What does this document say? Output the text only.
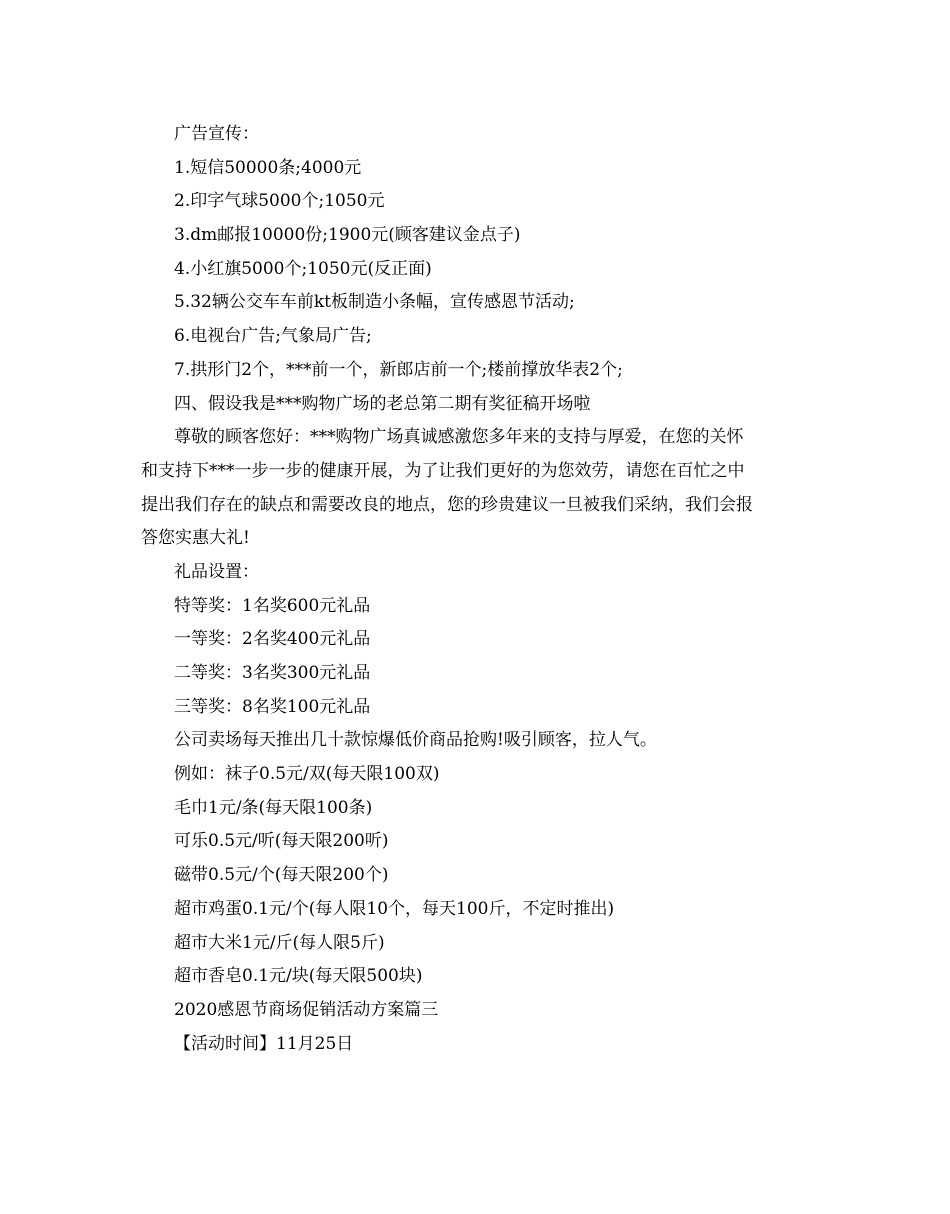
广告宣传：
1.短信50000条;4000元
2.印字气球5000个;1050元
3.dm邮报10000份;1900元(顾客建议金点子)
4.小红旗5000个;1050元(反正面)
5.32辆公交车车前kt板制造小条幅，宣传感恩节活动;
6.电视台广告;气象局广告;
7.拱形门2个，***前一个，新郎店前一个;楼前撑放华表2个;
四、假设我是***购物广场的老总第二期有奖征稿开场啦
尊敬的顾客您好：***购物广场真诚感激您多年来的支持与厚爱，在您的关怀
和支持下***一步一步的健康开展，为了让我们更好的为您效劳，请您在百忙之中
提出我们存在的缺点和需要改良的地点，您的珍贵建议一旦被我们采纳，我们会报
答您实惠大礼!
礼品设置：
特等奖：1名奖600元礼品
一等奖：2名奖400元礼品
二等奖：3名奖300元礼品
三等奖：8名奖100元礼品
公司卖场每天推出几十款惊爆低价商品抢购!吸引顾客，拉人气。
例如：袜子0.5元/双(每天限100双)
毛巾1元/条(每天限100条)
可乐0.5元/听(每天限200听)
磁带0.5元/个(每天限200个)
超市鸡蛋0.1元/个(每人限10个，每天100斤，不定时推出)
超市大米1元/斤(每人限5斤)
超市香皂0.1元/块(每天限500块)
2020感恩节商场促销活动方案篇三
【活动时间】11月25日
